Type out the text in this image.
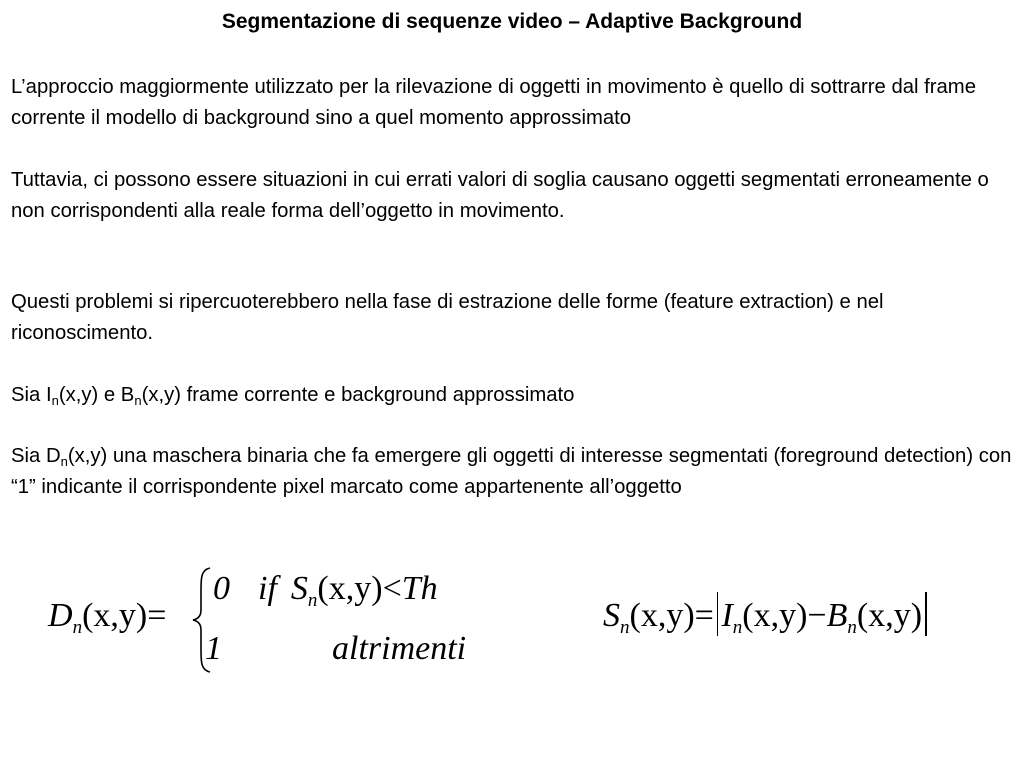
Segmentazione di sequenze video – Adaptive Background

L’approccio maggiormente utilizzato per la rilevazione di oggetti in movimento è quello di sottrarre dal frame corrente il modello di background sino a quel momento approssimato

Tuttavia, ci possono essere situazioni in cui errati valori di soglia causano oggetti segmentati erroneamente o non corrispondenti alla reale forma dell’oggetto in movimento.

Questi problemi si ripercuoterebbero nella fase di estrazione delle forme (feature extraction) e nel riconoscimento.

Sia $I_n(x,y)$ e $B_n(x,y)$ frame corrente e background approssimato

Sia $D_n(x,y)$ una maschera binaria che fa emergere gli oggetti di interesse segmentati (foreground detection) con “1” indicante il corrispondente pixel marcato come appartenente all’oggetto

$D_n(x,y)=$
0 if $S_n(x,y)<Th$
1	altrimenti
$S_n(x,y)= I_n(x,y)-B_n(x,y)$
